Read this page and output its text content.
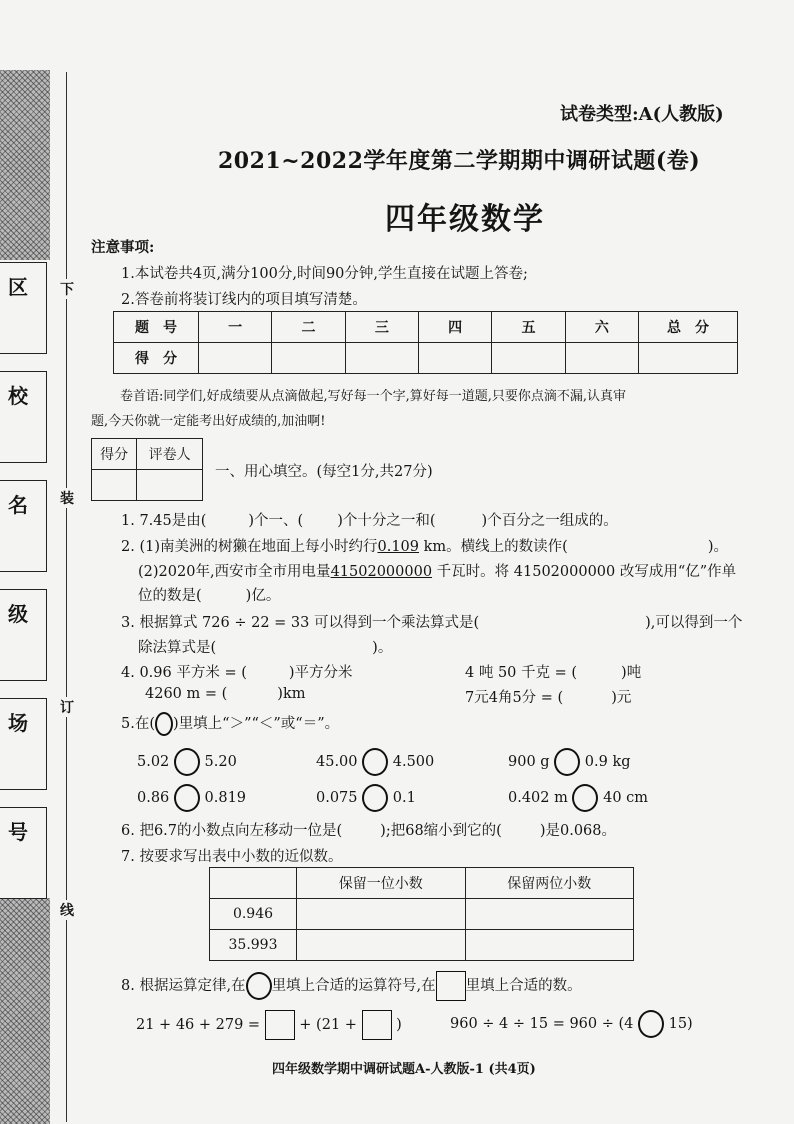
区
校
名
级
场
号
下
装
订
线
试卷类型:A(人教版)
2021~2022学年度第二学期期中调研试题(卷)
四年级数学
注意事项:
1.本试卷共4页,满分100分,时间90分钟,学生直接在试题上答卷;
2.答卷前将装订线内的项目填写清楚。
题　号	一	二	三	四	五	六	总　分
得　分							
卷首语:同学们,好成绩要从点滴做起,写好每一个字,算好每一道题,只要你点滴不漏,认真审
题,今天你就一定能考出好成绩的,加油啊!
得分	评卷人

一、用心填空。(每空1分,共27分)
1. 7.45是由(	)个一、( )个十分之一和(	)个百分之一组成的。
2. (1)南美洲的树獭在地面上每小时约行0.109 km。横线上的数读作(	)。
(2)2020年,西安市全市用电量41502000000 千瓦时。将 41502000000 改写成用“亿”作单
位的数是(	)亿。
3. 根据算式 726 ÷ 22 = 33 可以得到一个乘法算式是(	),可以得到一个
除法算式是(	)。
4. 0.96 平方米 = (	)平方分米	4 吨 50 千克 = (	)吨
4260 m = (	)km	7元4角5分 = (	)元
5.在( )里填上“＞”“＜”或“＝”。
5.02 5.20	45.00 4.500	900 g 0.9 kg
0.86 0.819	0.075 0.1	0.402 m 40 cm
6. 把6.7的小数点向左移动一位是(	);把68缩小到它的(	)是0.068。
7. 按要求写出表中小数的近似数。
	保留一位小数	保留两位小数
0.946		
35.993		
8. 根据运算定律,在 里填上合适的运算符号,在 里填上合适的数。
21 + 46 + 279 =	+ (21 +	)	960 ÷ 4 ÷ 15 = 960 ÷ (4 15)
四年级数学期中调研试题A-人教版-1 (共4页)
